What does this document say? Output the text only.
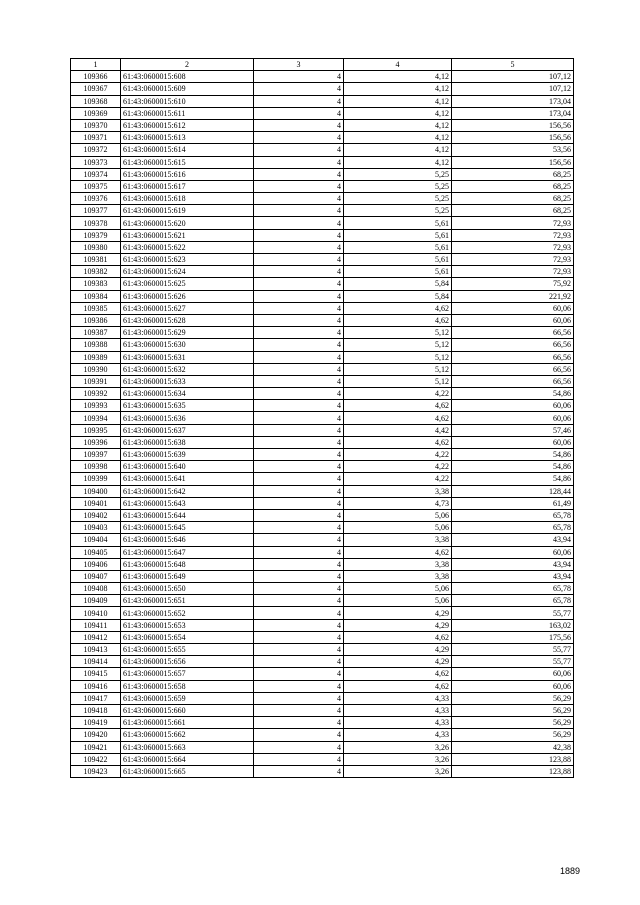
1	2	3	4	5
109366	61:43:0600015:608	4	4,12	107,12
109367	61:43:0600015:609	4	4,12	107,12
109368	61:43:0600015:610	4	4,12	173,04
109369	61:43:0600015:611	4	4,12	173,04
109370	61:43:0600015:612	4	4,12	156,56
109371	61:43:0600015:613	4	4,12	156,56
109372	61:43:0600015:614	4	4,12	53,56
109373	61:43:0600015:615	4	4,12	156,56
109374	61:43:0600015:616	4	5,25	68,25
109375	61:43:0600015:617	4	5,25	68,25
109376	61:43:0600015:618	4	5,25	68,25
109377	61:43:0600015:619	4	5,25	68,25
109378	61:43:0600015:620	4	5,61	72,93
109379	61:43:0600015:621	4	5,61	72,93
109380	61:43:0600015:622	4	5,61	72,93
109381	61:43:0600015:623	4	5,61	72,93
109382	61:43:0600015:624	4	5,61	72,93
109383	61:43:0600015:625	4	5,84	75,92
109384	61:43:0600015:626	4	5,84	221,92
109385	61:43:0600015:627	4	4,62	60,06
109386	61:43:0600015:628	4	4,62	60,06
109387	61:43:0600015:629	4	5,12	66,56
109388	61:43:0600015:630	4	5,12	66,56
109389	61:43:0600015:631	4	5,12	66,56
109390	61:43:0600015:632	4	5,12	66,56
109391	61:43:0600015:633	4	5,12	66,56
109392	61:43:0600015:634	4	4,22	54,86
109393	61:43:0600015:635	4	4,62	60,06
109394	61:43:0600015:636	4	4,62	60,06
109395	61:43:0600015:637	4	4,42	57,46
109396	61:43:0600015:638	4	4,62	60,06
109397	61:43:0600015:639	4	4,22	54,86
109398	61:43:0600015:640	4	4,22	54,86
109399	61:43:0600015:641	4	4,22	54,86
109400	61:43:0600015:642	4	3,38	128,44
109401	61:43:0600015:643	4	4,73	61,49
109402	61:43:0600015:644	4	5,06	65,78
109403	61:43:0600015:645	4	5,06	65,78
109404	61:43:0600015:646	4	3,38	43,94
109405	61:43:0600015:647	4	4,62	60,06
109406	61:43:0600015:648	4	3,38	43,94
109407	61:43:0600015:649	4	3,38	43,94
109408	61:43:0600015:650	4	5,06	65,78
109409	61:43:0600015:651	4	5,06	65,78
109410	61:43:0600015:652	4	4,29	55,77
109411	61:43:0600015:653	4	4,29	163,02
109412	61:43:0600015:654	4	4,62	175,56
109413	61:43:0600015:655	4	4,29	55,77
109414	61:43:0600015:656	4	4,29	55,77
109415	61:43:0600015:657	4	4,62	60,06
109416	61:43:0600015:658	4	4,62	60,06
109417	61:43:0600015:659	4	4,33	56,29
109418	61:43:0600015:660	4	4,33	56,29
109419	61:43:0600015:661	4	4,33	56,29
109420	61:43:0600015:662	4	4,33	56,29
109421	61:43:0600015:663	4	3,26	42,38
109422	61:43:0600015:664	4	3,26	123,88
109423	61:43:0600015:665	4	3,26	123,88
1889
